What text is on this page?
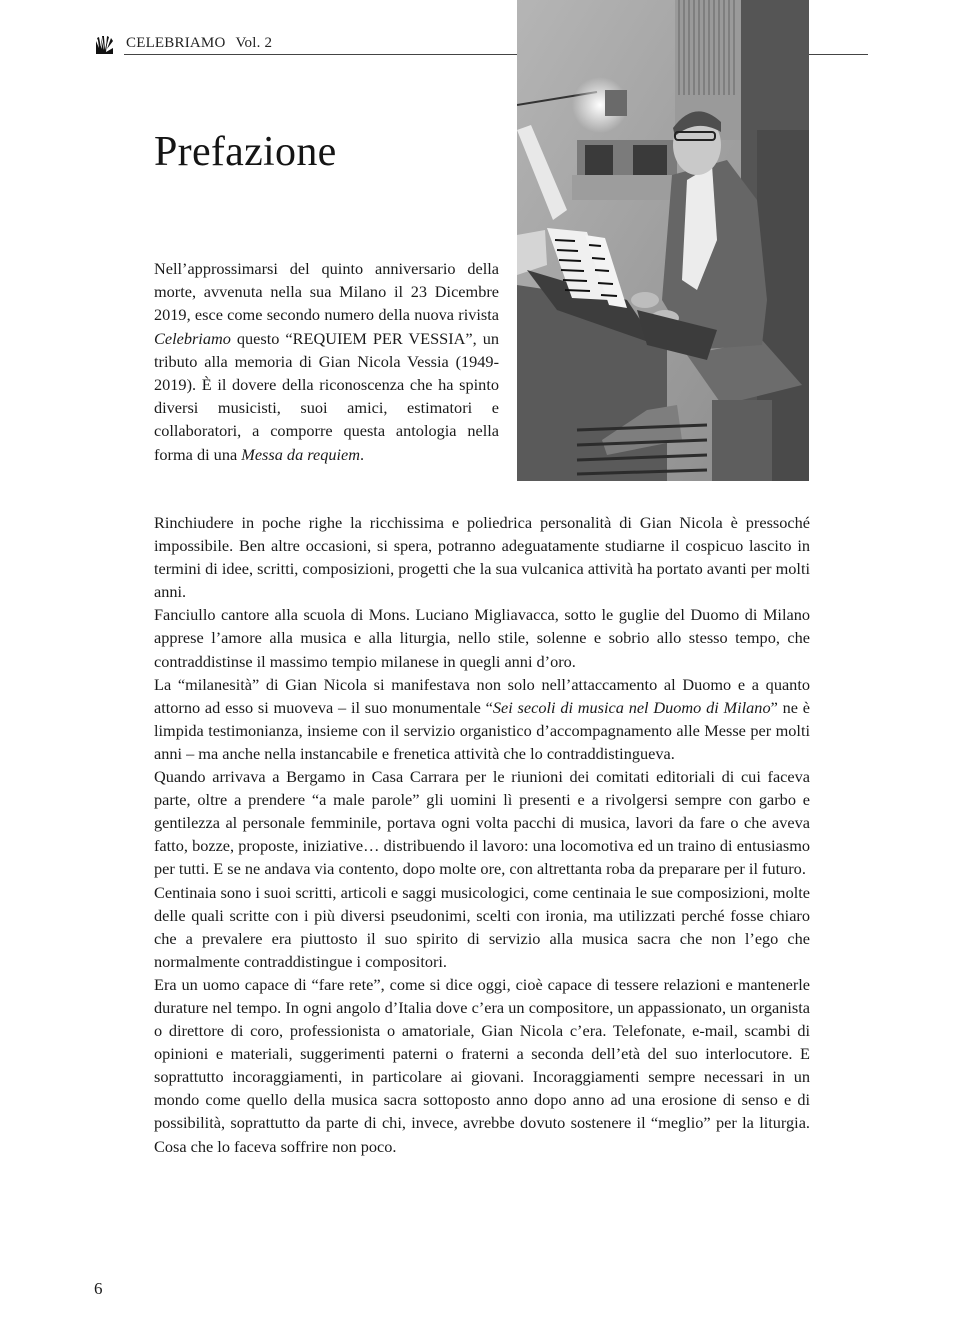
CELEBRIAMO Vol. 2
Prefazione

Nell’approssimarsi del quinto anniversario della morte, avvenuta nella sua Milano il 23 Dicembre 2019, esce come secondo numero della nuova rivista Celebriamo questo “REQUIEM PER VESSIA”, un tributo alla memoria di Gian Nicola Vessia (1949-2019). È il dovere della riconoscenza che ha spinto diversi musicisti, suoi amici, estimatori e collaboratori, a comporre questa antologia nella forma di una Messa da requiem.

Rinchiudere in poche righe la ricchissima e poliedrica personalità di Gian Nicola è pressoché impossibile. Ben altre occasioni, si spera, potranno adeguatamente studiarne il cospicuo lascito in termini di idee, scritti, composizioni, progetti che la sua vulcanica attività ha portato avanti per molti anni.

Fanciullo cantore alla scuola di Mons. Luciano Migliavacca, sotto le guglie del Duomo di Milano apprese l’amore alla musica e alla liturgia, nello stile, solenne e sobrio allo stesso tempo, che contraddistinse il massimo tempio milanese in quegli anni d’oro.

La “milanesità” di Gian Nicola si manifestava non solo nell’attaccamento al Duomo e a quanto attorno ad esso si muoveva – il suo monumentale “Sei secoli di musica nel Duomo di Milano” ne è limpida testimonianza, insieme con il servizio organistico d’accompagnamento alle Messe per molti anni – ma anche nella instancabile e frenetica attività che lo contraddistingueva.

Quando arrivava a Bergamo in Casa Carrara per le riunioni dei comitati editoriali di cui faceva parte, oltre a prendere “a male parole” gli uomini lì presenti e a rivolgersi sempre con garbo e gentilezza al personale femminile, portava ogni volta pacchi di musica, lavori da fare o che aveva fatto, bozze, proposte, iniziative… distribuendo il lavoro: una locomotiva ed un traino di entusiasmo per tutti. E se ne andava via contento, dopo molte ore, con altrettanta roba da preparare per il futuro.

Centinaia sono i suoi scritti, articoli e saggi musicologici, come centinaia le sue composizioni, molte delle quali scritte con i più diversi pseudonimi, scelti con ironia, ma utilizzati perché fosse chiaro che a prevalere era piuttosto il suo spirito di servizio alla musica sacra che non l’ego che normalmente contraddistingue i compositori.

Era un uomo capace di “fare rete”, come si dice oggi, cioè capace di tessere relazioni e mantenerle durature nel tempo. In ogni angolo d’Italia dove c’era un compositore, un appassionato, un organista o direttore di coro, professionista o amatoriale, Gian Nicola c’era. Telefonate, e-mail, scambi di opinioni e materiali, suggerimenti paterni o fraterni a seconda dell’età del suo interlocutore. E soprattutto incoraggiamenti, in particolare ai giovani. Incoraggiamenti sempre necessari in un mondo come quello della musica sacra sottoposto anno dopo anno ad una erosione di senso e di possibilità, soprattutto da parte di chi, invece, avrebbe dovuto sostenere il “meglio” per la liturgia. Cosa che lo faceva soffrire non poco.

6
